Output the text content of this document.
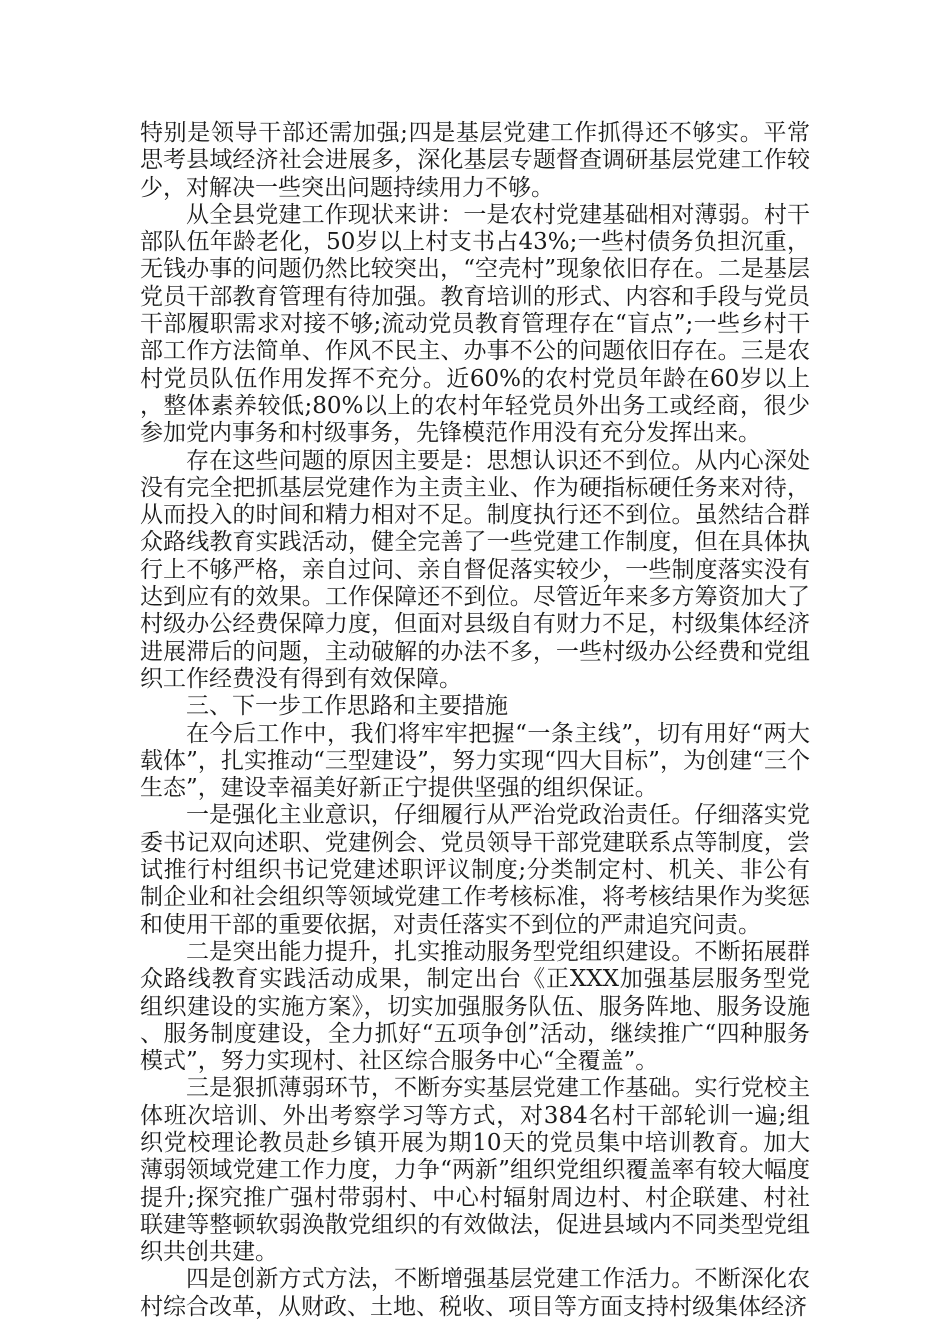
特别是领导干部还需加强;四是基层党建工作抓得还不够实。平常思考县域经济社会进展多，深化基层专题督查调研基层党建工作较少，对解决一些突出问题持续用力不够。

从全县党建工作现状来讲：一是农村党建基础相对薄弱。村干部队伍年龄老化，50岁以上村支书占43%;一些村债务负担沉重，无钱办事的问题仍然比较突出，“空壳村”现象依旧存在。二是基层党员干部教育管理有待加强。教育培训的形式、内容和手段与党员干部履职需求对接不够;流动党员教育管理存在“盲点”;一些乡村干部工作方法简单、作风不民主、办事不公的问题依旧存在。三是农村党员队伍作用发挥不充分。近60%的农村党员年龄在60岁以上，整体素养较低;80%以上的农村年轻党员外出务工或经商，很少参加党内事务和村级事务，先锋模范作用没有充分发挥出来。

存在这些问题的原因主要是：思想认识还不到位。从内心深处没有完全把抓基层党建作为主责主业、作为硬指标硬任务来对待，从而投入的时间和精力相对不足。制度执行还不到位。虽然结合群众路线教育实践活动，健全完善了一些党建工作制度，但在具体执行上不够严格，亲自过问、亲自督促落实较少，一些制度落实没有达到应有的效果。工作保障还不到位。尽管近年来多方筹资加大了村级办公经费保障力度，但面对县级自有财力不足，村级集体经济进展滞后的问题，主动破解的办法不多，一些村级办公经费和党组织工作经费没有得到有效保障。

三、下一步工作思路和主要措施

在今后工作中，我们将牢牢把握“一条主线”，切有用好“两大载体”，扎实推动“三型建设”，努力实现“四大目标”，为创建“三个生态”，建设幸福美好新正宁提供坚强的组织保证。

一是强化主业意识，仔细履行从严治党政治责任。仔细落实党委书记双向述职、党建例会、党员领导干部党建联系点等制度，尝试推行村组织书记党建述职评议制度;分类制定村、机关、非公有制企业和社会组织等领域党建工作考核标准，将考核结果作为奖惩和使用干部的重要依据，对责任落实不到位的严肃追究问责。

二是突出能力提升，扎实推动服务型党组织建设。不断拓展群众路线教育实践活动成果，制定出台《正XXX加强基层服务型党组织建设的实施方案》，切实加强服务队伍、服务阵地、服务设施、服务制度建设，全力抓好“五项争创”活动，继续推广“四种服务模式”，努力实现村、社区综合服务中心“全覆盖”。

三是狠抓薄弱环节，不断夯实基层党建工作基础。实行党校主体班次培训、外出考察学习等方式，对384名村干部轮训一遍;组织党校理论教员赴乡镇开展为期10天的党员集中培训教育。加大薄弱领域党建工作力度，力争“两新”组织党组织覆盖率有较大幅度提升;探究推广强村带弱村、中心村辐射周边村、村企联建、村社联建等整顿软弱涣散党组织的有效做法，促进县域内不同类型党组织共创共建。

四是创新方式方法，不断增强基层党建工作活力。不断深化农村综合改革，从财政、土地、税收、项目等方面支持村级集体经济
